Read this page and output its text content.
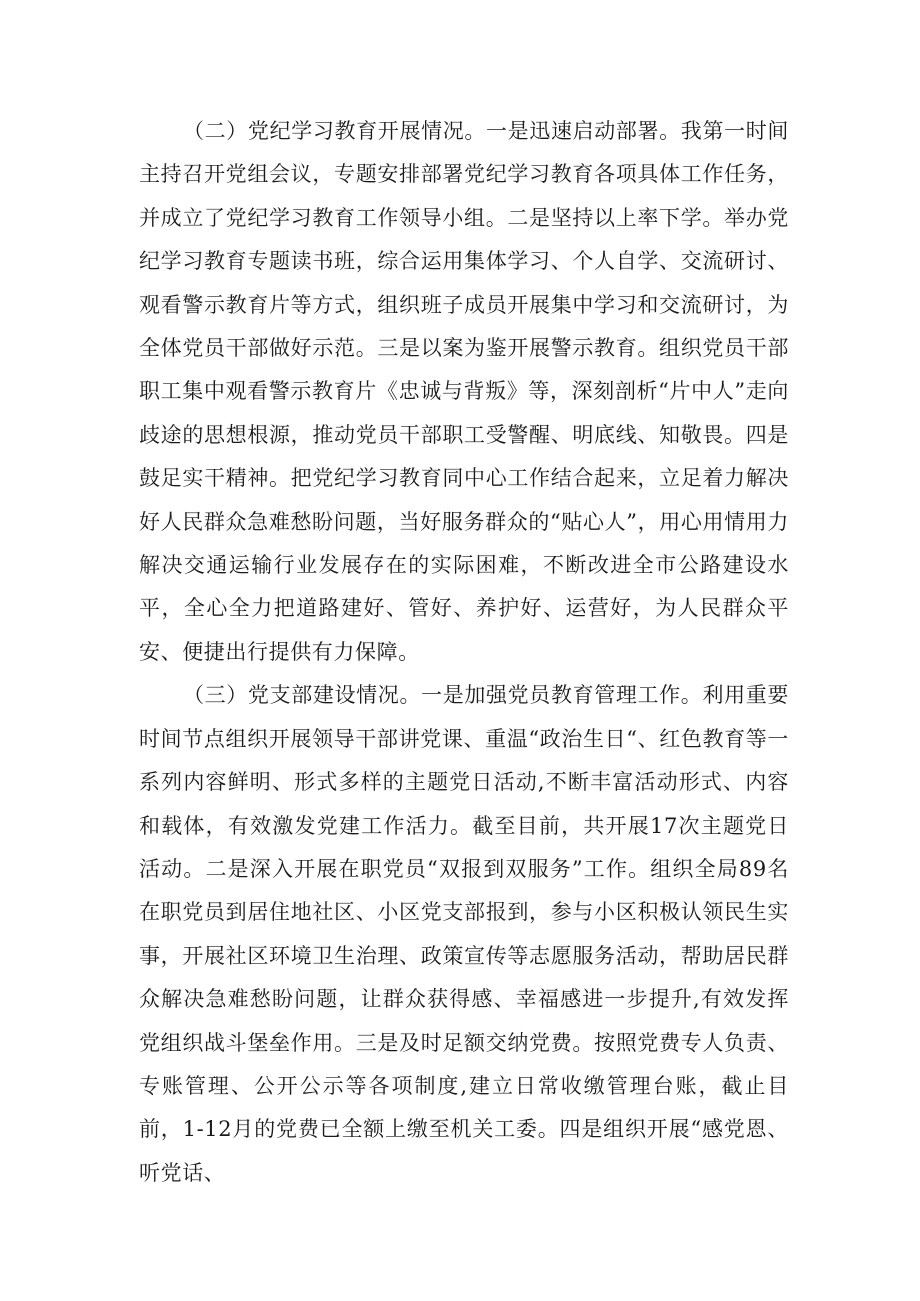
（二）党纪学习教育开展情况。一是迅速启动部署。我第一时间主持召开党组会议，专题安排部署党纪学习教育各项具体工作任务，并成立了党纪学习教育工作领导小组。二是坚持以上率下学。举办党纪学习教育专题读书班，综合运用集体学习、个人自学、交流研讨、观看警示教育片等方式，组织班子成员开展集中学习和交流研讨，为全体党员干部做好示范。三是以案为鉴开展警示教育。组织党员干部职工集中观看警示教育片《忠诚与背叛》等，深刻剖析“片中人”走向歧途的思想根源，推动党员干部职工受警醒、明底线、知敬畏。四是鼓足实干精神。把党纪学习教育同中心工作结合起来，立足着力解决好人民群众急难愁盼问题，当好服务群众的“贴心人”，用心用情用力解决交通运输行业发展存在的实际困难，不断改进全市公路建设水平，全心全力把道路建好、管好、养护好、运营好，为人民群众平安、便捷出行提供有力保障。

（三）党支部建设情况。一是加强党员教育管理工作。利用重要时间节点组织开展领导干部讲党课、重温“政治生日“、红色教育等一系列内容鲜明、形式多样的主题党日活动,不断丰富活动形式、内容和载体，有效激发党建工作活力。截至目前，共开展17次主题党日活动。二是深入开展在职党员“双报到双服务”工作。组织全局89名在职党员到居住地社区、小区党支部报到，参与小区积极认领民生实事，开展社区环境卫生治理、政策宣传等志愿服务活动，帮助居民群众解决急难愁盼问题，让群众获得感、幸福感进一步提升,有效发挥党组织战斗堡垒作用。三是及时足额交纳党费。按照党费专人负责、专账管理、公开公示等各项制度,建立日常收缴管理台账，截止目前，1-12月的党费已全额上缴至机关工委。四是组织开展“感党恩、听党话、
